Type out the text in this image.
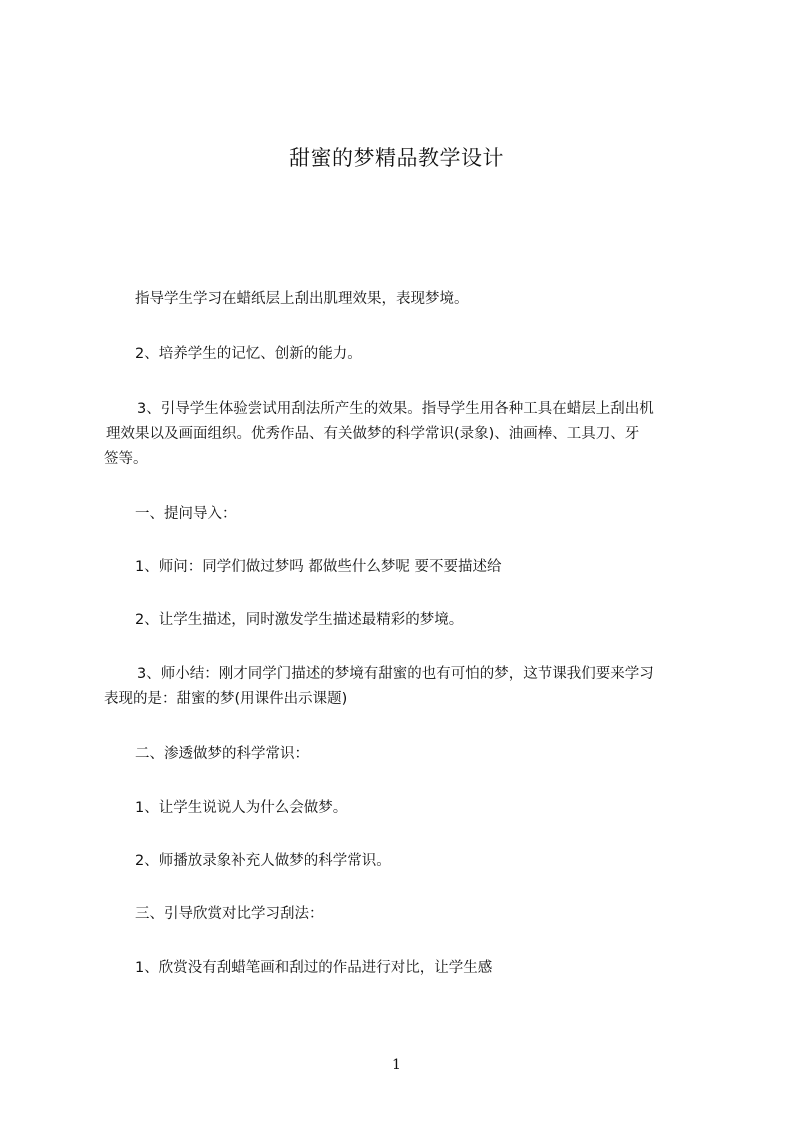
甜蜜的梦精品教学设计
指导学生学习在蜡纸层上刮出肌理效果，表现梦境。
2、培养学生的记忆、创新的能力。
3、引导学生体验尝试用刮法所产生的效果。指导学生用各种工具在蜡层上刮出机
理效果以及画面组织。优秀作品、有关做梦的科学常识(录象)、油画棒、工具刀、牙
签等。
一、提问导入：
1、师问：同学们做过梦吗 都做些什么梦呢 要不要描述给
2、让学生描述，同时激发学生描述最精彩的梦境。
3、师小结：刚才同学门描述的梦境有甜蜜的也有可怕的梦，这节课我们要来学习
表现的是：甜蜜的梦(用课件出示课题)
二、渗透做梦的科学常识：
1、让学生说说人为什么会做梦。
2、师播放录象补充人做梦的科学常识。
三、引导欣赏对比学习刮法：
1、欣赏没有刮蜡笔画和刮过的作品进行对比，让学生感
1
